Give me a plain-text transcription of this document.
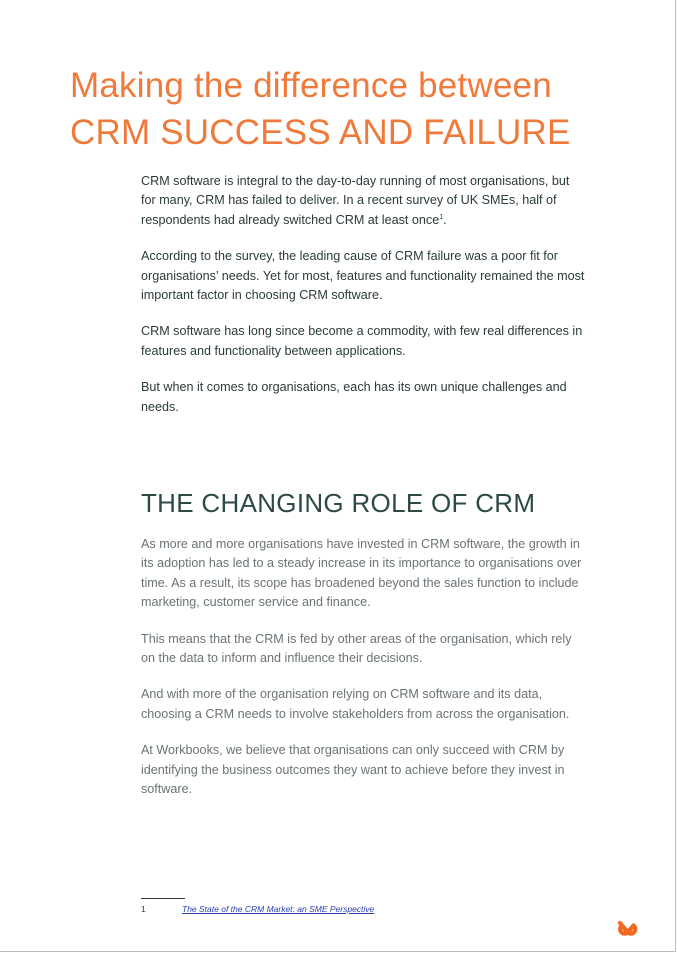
Making the difference between
CRM SUCCESS AND FAILURE

CRM software is integral to the day-to-day running of most organisations, but for many, CRM has failed to deliver. In a recent survey of UK SMEs, half of respondents had already switched CRM at least once$^1$.

According to the survey, the leading cause of CRM failure was a poor fit for organisations’ needs. Yet for most, features and functionality remained the most important factor in choosing CRM software.

CRM software has long since become a commodity, with few real differences in features and functionality between applications.

But when it comes to organisations, each has its own unique challenges and needs.

THE CHANGING ROLE OF CRM

As more and more organisations have invested in CRM software, the growth in its adoption has led to a steady increase in its importance to organisations over time. As a result, its scope has broadened beyond the sales function to include marketing, customer service and finance.

This means that the CRM is fed by other areas of the organisation, which rely on the data to inform and influence their decisions.

And with more of the organisation relying on CRM software and its data, choosing a CRM needs to involve stakeholders from across the organisation.

At Workbooks, we believe that organisations can only succeed with CRM by identifying the business outcomes they want to achieve before they invest in software.

1	The State of the CRM Market: an SME Perspective
